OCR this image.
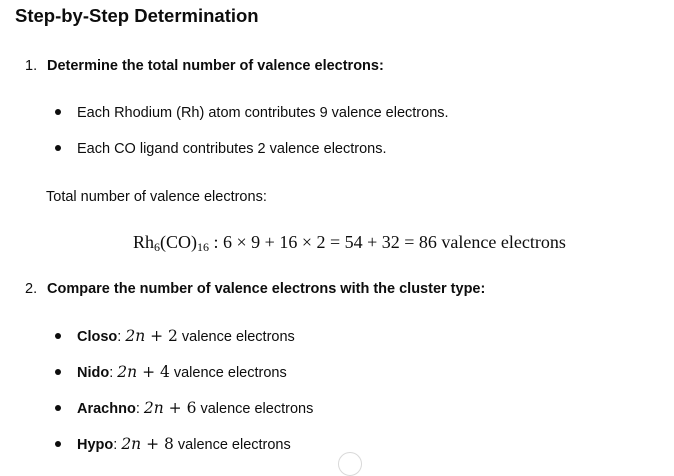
Step-by-Step Determination
1. Determine the total number of valence electrons:
Each Rhodium (Rh) atom contributes 9 valence electrons.
Each CO ligand contributes 2 valence electrons.
Total number of valence electrons:
$Rh_6(CO)_{16}$ : 6 × 9 + 16 × 2 = 54 + 32 = 86 valence electrons
2. Compare the number of valence electrons with the cluster type:
Closo: 2n + 2 valence electrons
Nido: 2n + 4 valence electrons
Arachno: 2n + 6 valence electrons
Hypo: 2n + 8 valence electrons
